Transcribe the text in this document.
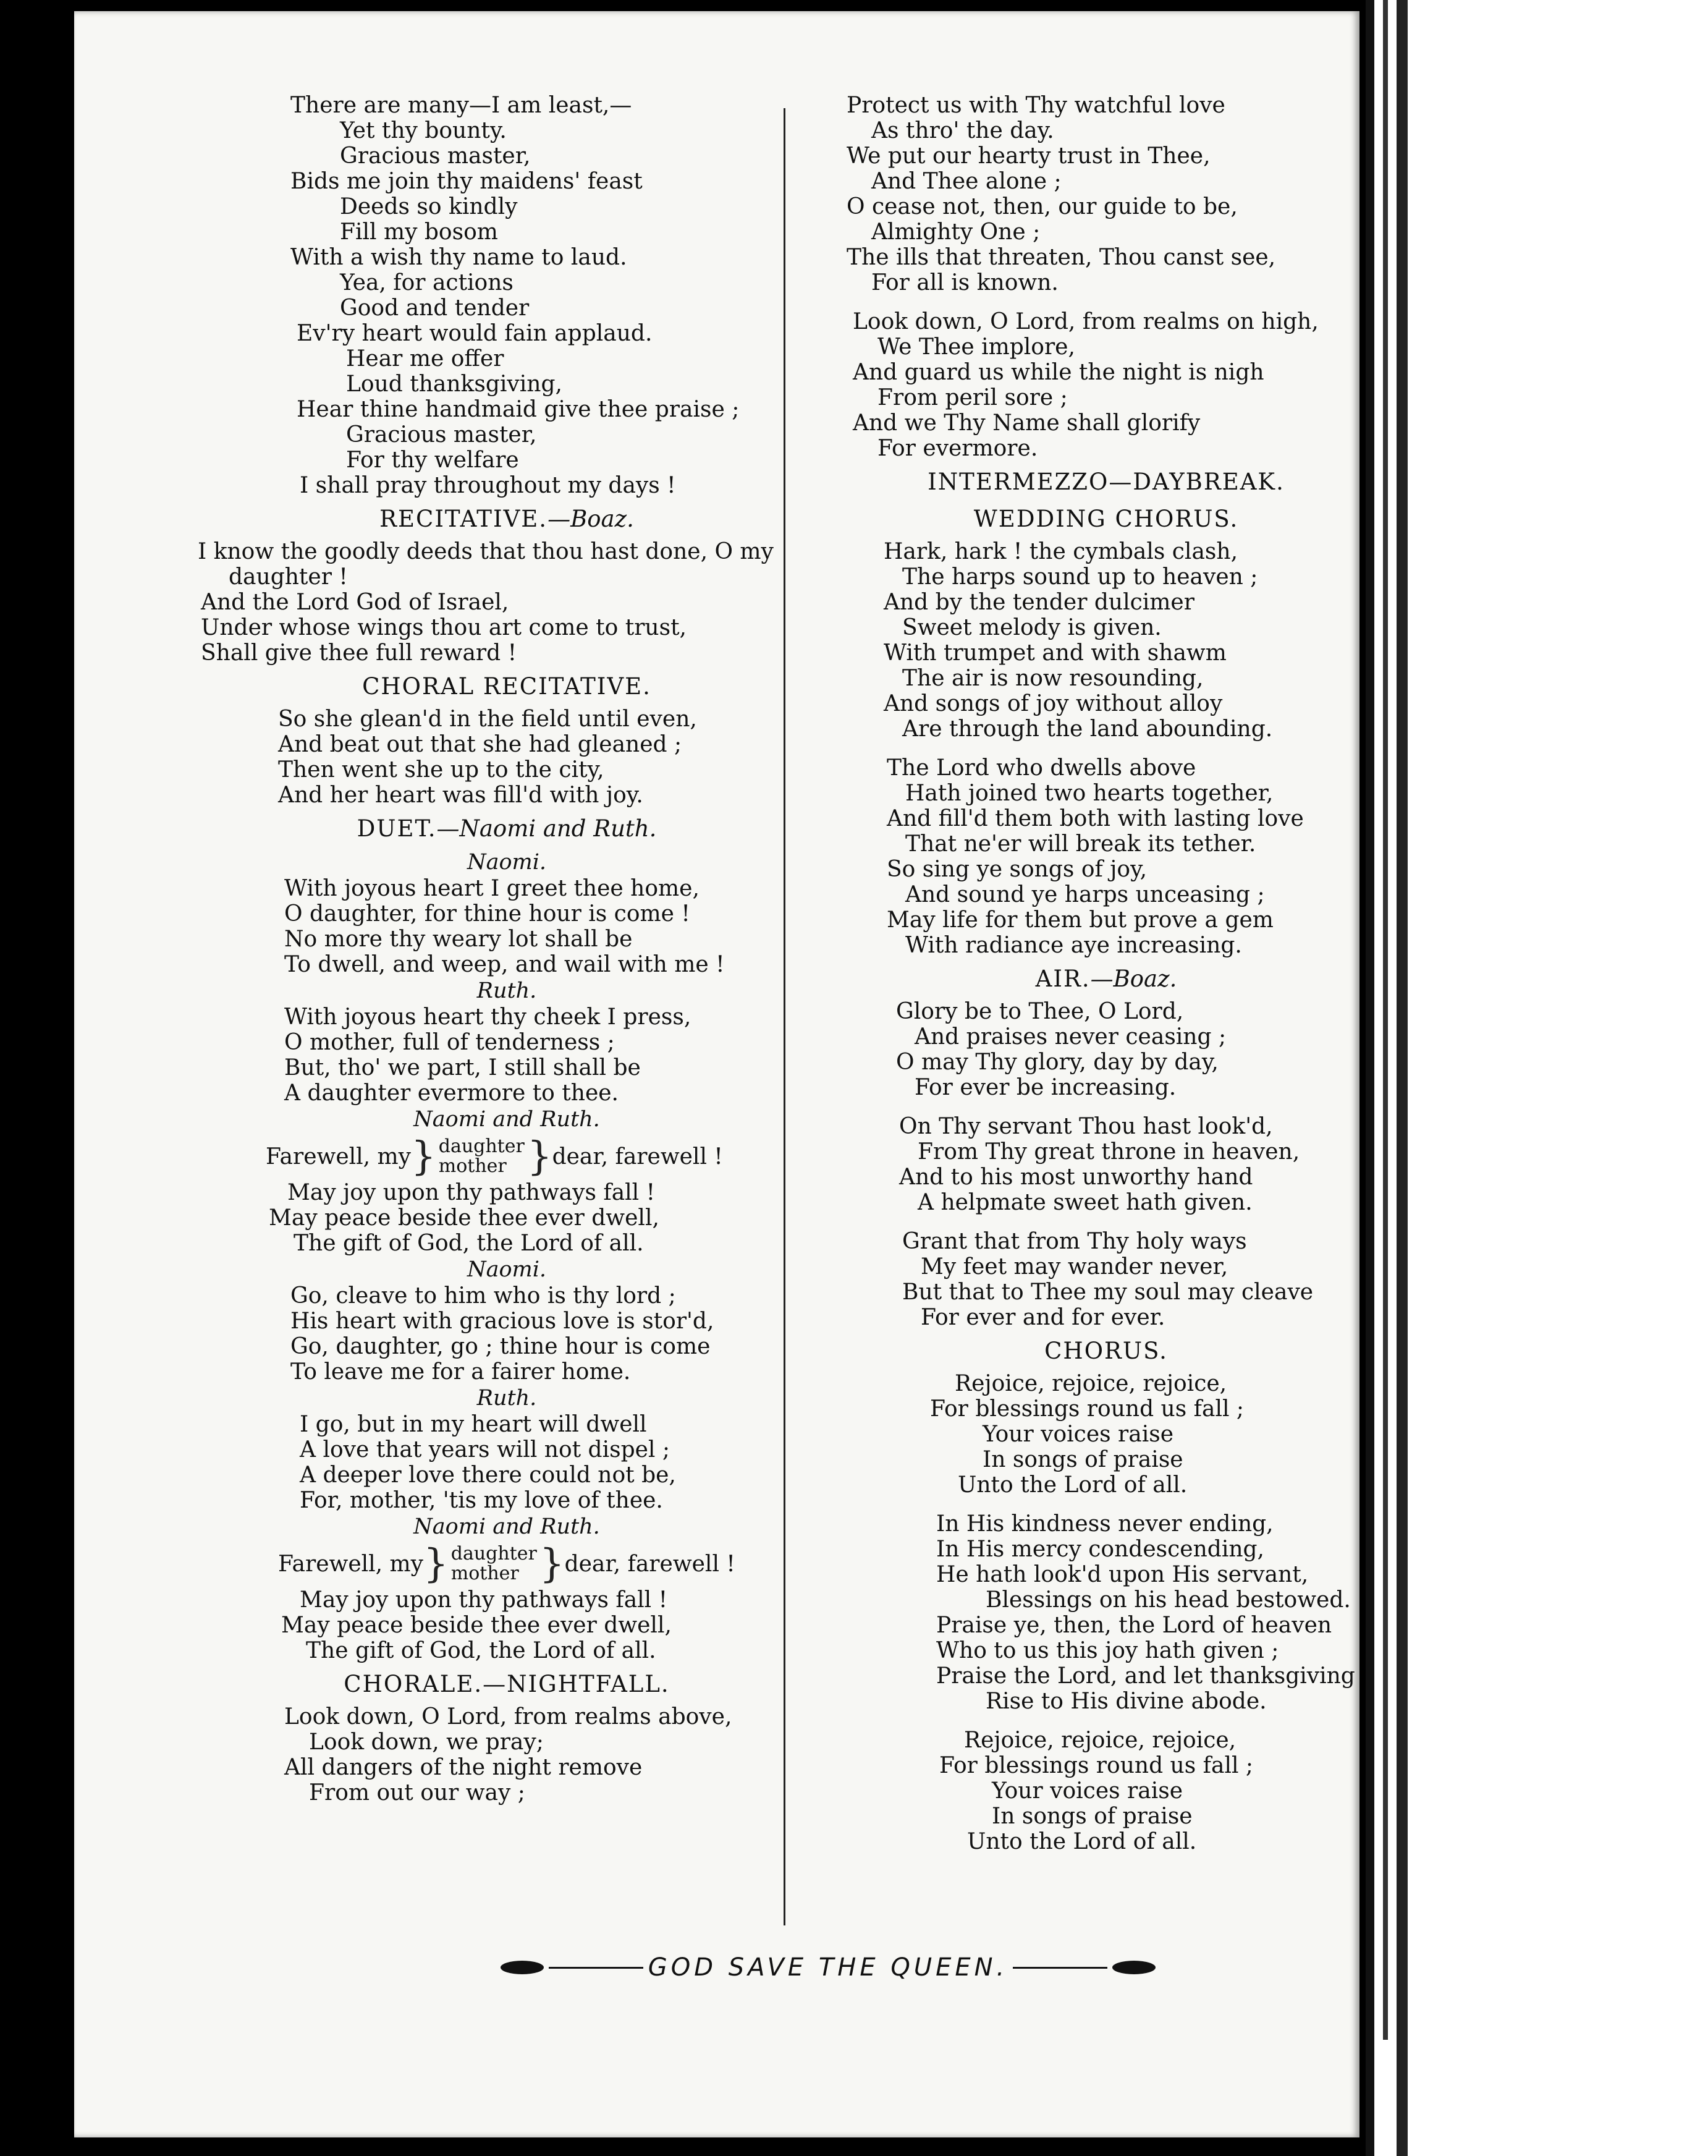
There are many—I am least,—
Yet thy bounty.
Gracious master,
Bids me join thy maidens' feast
Deeds so kindly
Fill my bosom
With a wish thy name to laud.
Yea, for actions
Good and tender
Ev'ry heart would fain applaud.
Hear me offer
Loud thanksgiving,
Hear thine handmaid give thee praise ;
Gracious master,
For thy welfare
I shall pray throughout my days !
RECITATIVE.—Boaz.
I know the goodly deeds that thou hast done, O my
daughter !
And the Lord God of Israel,
Under whose wings thou art come to trust,
Shall give thee full reward !
CHORAL RECITATIVE.
So she glean'd in the field until even,
And beat out that she had gleaned ;
Then went she up to the city,
And her heart was fill'd with joy.
DUET.—Naomi and Ruth.
Naomi.
With joyous heart I greet thee home,
O daughter, for thine hour is come !
No more thy weary lot shall be
To dwell, and weep, and wail with me !
Ruth.
With joyous heart thy cheek I press,
O mother, full of tenderness ;
But, tho' we part, I still shall be
A daughter evermore to thee.
Naomi and Ruth.
Farewell, my } daughter
mother } dear, farewell !
May joy upon thy pathways fall !
May peace beside thee ever dwell,
The gift of God, the Lord of all.
Naomi.
Go, cleave to him who is thy lord ;
His heart with gracious love is stor'd,
Go, daughter, go ; thine hour is come
To leave me for a fairer home.
Ruth.
I go, but in my heart will dwell
A love that years will not dispel ;
A deeper love there could not be,
For, mother, 'tis my love of thee.
Naomi and Ruth.
Farewell, my } daughter
mother } dear, farewell !
May joy upon thy pathways fall !
May peace beside thee ever dwell,
The gift of God, the Lord of all.
CHORALE.—NIGHTFALL.
Look down, O Lord, from realms above,
Look down, we pray;
All dangers of the night remove
From out our way ;
Protect us with Thy watchful love
As thro' the day.
We put our hearty trust in Thee,
And Thee alone ;
O cease not, then, our guide to be,
Almighty One ;
The ills that threaten, Thou canst see,
For all is known.
Look down, O Lord, from realms on high,
We Thee implore,
And guard us while the night is nigh
From peril sore ;
And we Thy Name shall glorify
For evermore.
INTERMEZZO—DAYBREAK.
WEDDING CHORUS.
Hark, hark ! the cymbals clash,
The harps sound up to heaven ;
And by the tender dulcimer
Sweet melody is given.
With trumpet and with shawm
The air is now resounding,
And songs of joy without alloy
Are through the land abounding.
The Lord who dwells above
Hath joined two hearts together,
And fill'd them both with lasting love
That ne'er will break its tether.
So sing ye songs of joy,
And sound ye harps unceasing ;
May life for them but prove a gem
With radiance aye increasing.
AIR.—Boaz.
Glory be to Thee, O Lord,
And praises never ceasing ;
O may Thy glory, day by day,
For ever be increasing.
On Thy servant Thou hast look'd,
From Thy great throne in heaven,
And to his most unworthy hand
A helpmate sweet hath given.
Grant that from Thy holy ways
My feet may wander never,
But that to Thee my soul may cleave
For ever and for ever.
CHORUS.
Rejoice, rejoice, rejoice,
For blessings round us fall ;
Your voices raise
In songs of praise
Unto the Lord of all.
In His kindness never ending,
In His mercy condescending,
He hath look'd upon His servant,
Blessings on his head bestowed.
Praise ye, then, the Lord of heaven
Who to us this joy hath given ;
Praise the Lord, and let thanksgiving
Rise to His divine abode.
Rejoice, rejoice, rejoice,
For blessings round us fall ;
Your voices raise
In songs of praise
Unto the Lord of all.
GOD SAVE THE QUEEN.
